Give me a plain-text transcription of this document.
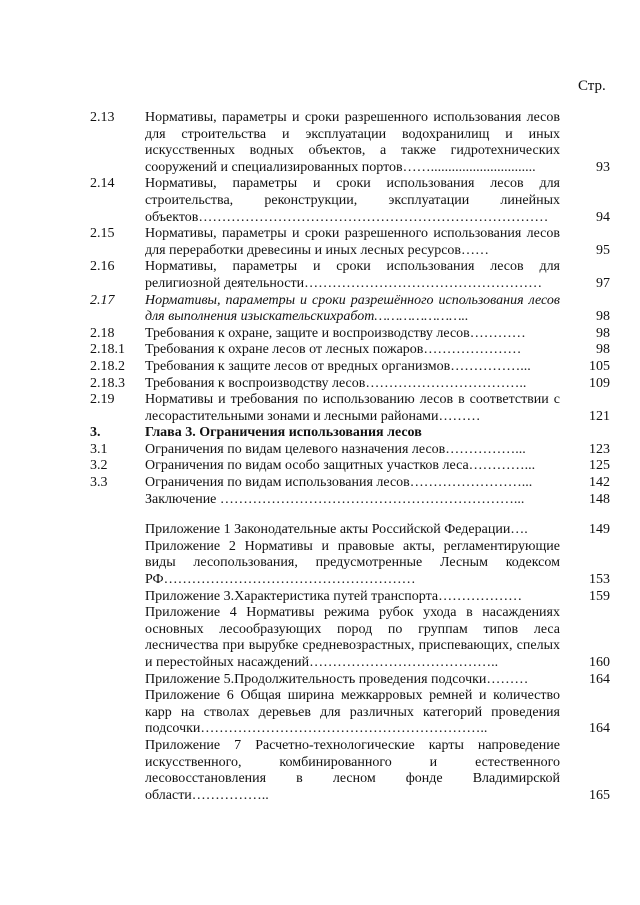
Стр.
2.13	Нормативы, параметры и сроки разрешенного использования лесов для строительства и эксплуатации водохранилищ и иных искусственных водных объектов, а также гидротехнических сооружений и специализированных портов……..............................	93
2.14	Нормативы, параметры и сроки использования лесов для строительства, реконструкции, эксплуатации линейных объектов…………………………………………………………………	94
2.15	Нормативы, параметры и сроки разрешенного использования лесов для переработки древесины и иных лесных ресурсов……	95
2.16	Нормативы, параметры и сроки использования лесов для религиозной деятельности……………………………………………	97
2.17	Нормативы, параметры и сроки разрешённого использования лесов для выполнения изыскательскихработ…………………..	98
2.18	Требования к охране, защите и воспроизводству лесов…………	98
2.18.1	Требования к охране лесов от лесных пожаров…………………	98
2.18.2	Требования к защите лесов от вредных организмов……………...	105
2.18.3	Требования к воспроизводству лесов……………………………..	109
2.19	Нормативы и требования по использованию лесов в соответствии с лесорастительными зонами и лесными районами………	121
3.	Глава 3. Ограничения использования лесов
3.1	Ограничения по видам целевого назначения лесов……………...	123
3.2	Ограничения по видам особо защитных участков леса…………...	125
3.3	Ограничения по видам использования лесов……………………...	142
Заключение ………………………………………………………...	148
Приложение 1 Законодательные акты Российской Федерации….	149
Приложение 2 Нормативы и правовые акты, регламентирующие виды лесопользования, предусмотренные Лесным кодексом РФ………………………………………………	153
Приложение 3.Характеристика путей транспорта………………	159
Приложение 4 Нормативы режима рубок ухода в насаждениях основных лесообразующих пород по группам типов леса лесничества при вырубке средневозрастных, приспевающих, спелых и перестойных насаждений…………………………………..	160
Приложение 5.Продолжительность проведения подсочки………	164
Приложение 6 Общая ширина межкарровых ремней и количество карр на стволах деревьев для различных категорий проведения подсочки……………………………………………………..	164
Приложение 7 Расчетно-технологические карты напроведение искусственного, комбинированного и естественного лесовосстановления в лесном фонде Владимирской области……………..	165
